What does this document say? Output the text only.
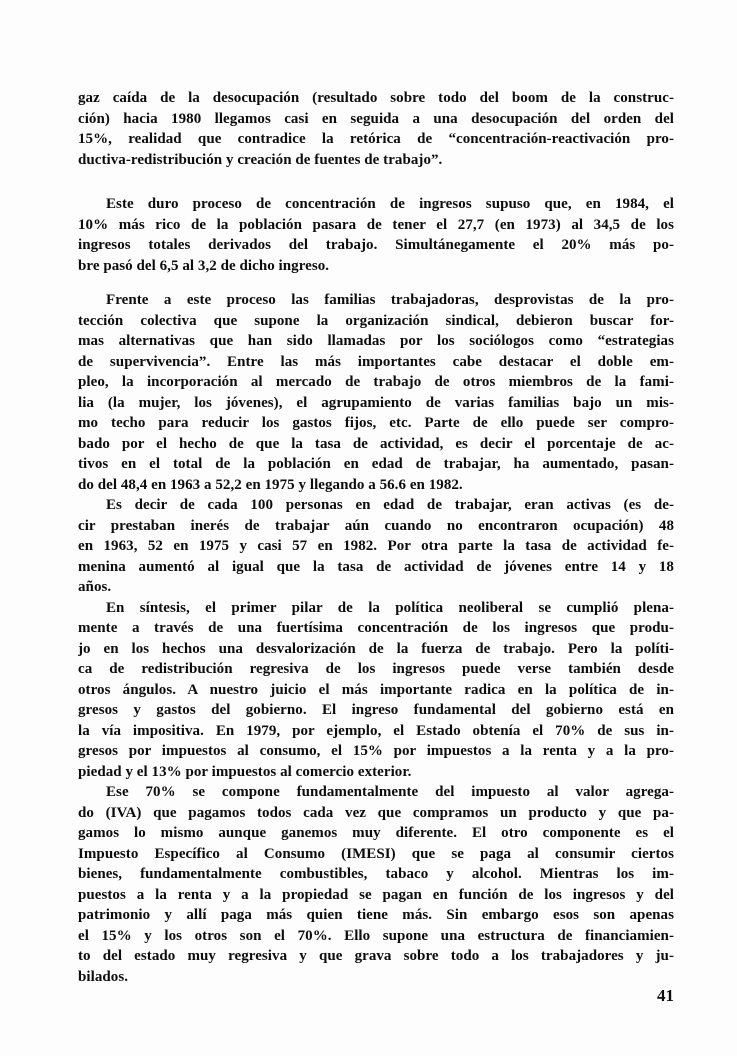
gaz caída de la desocupación (resultado sobre todo del boom de la construc-
ción) hacia 1980 llegamos casi en seguida a una desocupación del orden del
15%, realidad que contradice la retórica de “concentración-reactivación pro-
ductiva-redistribución y creación de fuentes de trabajo”.
Este duro proceso de concentración de ingresos supuso que, en 1984, el
10% más rico de la población pasara de tener el 27,7 (en 1973) al 34,5 de los
ingresos totales derivados del trabajo. Simultánegamente el 20% más po-
bre pasó del 6,5 al 3,2 de dicho ingreso.
Frente a este proceso las familias trabajadoras, desprovistas de la pro-
tección colectiva que supone la organización sindical, debieron buscar for-
mas alternativas que han sido llamadas por los sociólogos como “estrategias
de supervivencia”. Entre las más importantes cabe destacar el doble em-
pleo, la incorporación al mercado de trabajo de otros miembros de la fami-
lia (la mujer, los jóvenes), el agrupamiento de varias familias bajo un mis-
mo techo para reducir los gastos fijos, etc. Parte de ello puede ser compro-
bado por el hecho de que la tasa de actividad, es decir el porcentaje de ac-
tivos en el total de la población en edad de trabajar, ha aumentado, pasan-
do del 48,4 en 1963 a 52,2 en 1975 y llegando a 56.6 en 1982.
Es decir de cada 100 personas en edad de trabajar, eran activas (es de-
cir prestaban inerés de trabajar aún cuando no encontraron ocupación) 48
en 1963, 52 en 1975 y casi 57 en 1982. Por otra parte la tasa de actividad fe-
menina aumentó al igual que la tasa de actividad de jóvenes entre 14 y 18
años.
En síntesis, el primer pilar de la política neoliberal se cumplió plena-
mente a través de una fuertísima concentración de los ingresos que produ-
jo en los hechos una desvalorización de la fuerza de trabajo. Pero la políti-
ca de redistribución regresiva de los ingresos puede verse también desde
otros ángulos. A nuestro juicio el más importante radica en la política de in-
gresos y gastos del gobierno. El ingreso fundamental del gobierno está en
la vía impositiva. En 1979, por ejemplo, el Estado obtenía el 70% de sus in-
gresos por impuestos al consumo, el 15% por impuestos a la renta y a la pro-
piedad y el 13% por impuestos al comercio exterior.
Ese 70% se compone fundamentalmente del impuesto al valor agrega-
do (IVA) que pagamos todos cada vez que compramos un producto y que pa-
gamos lo mismo aunque ganemos muy diferente. El otro componente es el
Impuesto Específico al Consumo (IMESI) que se paga al consumir ciertos
bienes, fundamentalmente combustibles, tabaco y alcohol. Mientras los im-
puestos a la renta y a la propiedad se pagan en función de los ingresos y del
patrimonio y allí paga más quien tiene más. Sin embargo esos son apenas
el 15% y los otros son el 70%. Ello supone una estructura de financiamien-
to del estado muy regresiva y que grava sobre todo a los trabajadores y ju-
bilados.
41
